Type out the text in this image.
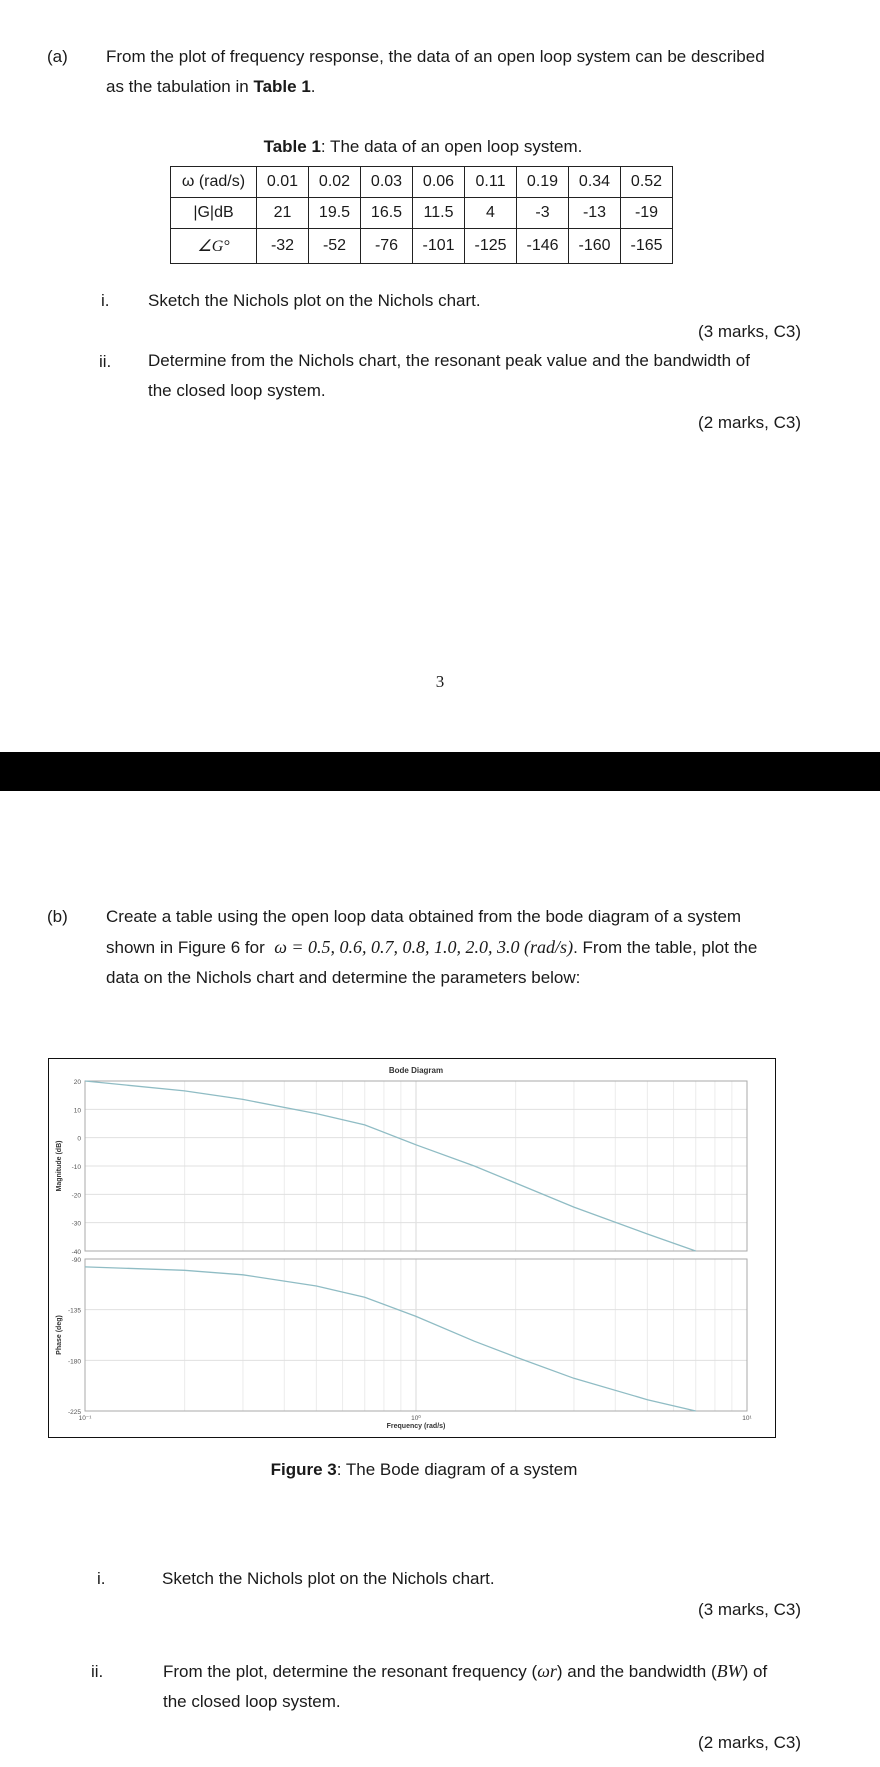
(a) From the plot of frequency response, the data of an open loop system can be described
as the tabulation in Table 1.
Table 1: The data of an open loop system.
ω (rad/s)	0.01	0.02	0.03	0.06	0.11	0.19	0.34	0.52
|G|dB	21	19.5	16.5	11.5	4	-3	-13	-19
∠G°	-32	-52	-76	-101	-125	-146	-160	-165
i. Sketch the Nichols plot on the Nichols chart.
(3 marks, C3)
ii. Determine from the Nichols chart, the resonant peak value and the bandwidth of
the closed loop system.
(2 marks, C3)
3
(b) Create a table using the open loop data obtained from the bode diagram of a system
shown in Figure 6 for ω = 0.5, 0.6, 0.7, 0.8, 1.0, 2.0, 3.0 (rad/s). From the table, plot the
data on the Nichols chart and determine the parameters below:
Bode Diagram
20
10
0
-10
-20
-30
-40
Magnitude (dB)
-90
-135
-180
-225
Phase (deg)
10⁻¹	10⁰	10¹
Frequency (rad/s)
Figure 3: The Bode diagram of a system
i.	Sketch the Nichols plot on the Nichols chart.
(3 marks, C3)
ii.	From the plot, determine the resonant frequency (ωr) and the bandwidth (BW) of
the closed loop system.
(2 marks, C3)
